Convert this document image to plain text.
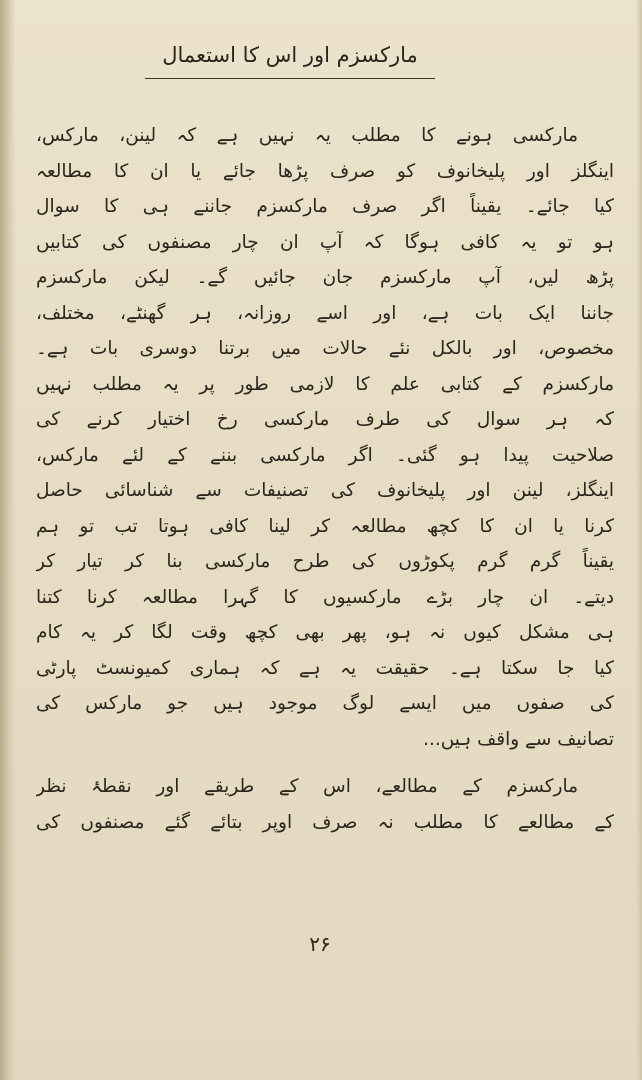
مارکسزم اور اس کا استعمال
مارکسی ہونے کا مطلب یہ نہیں ہے کہ لینن، مارکس،
اینگلز اور پلیخانوف کو صرف پڑھا جائے یا ان کا مطالعہ
کیا جائے۔ یقیناً اگر صرف مارکسزم جاننے ہی کا سوال
ہو تو یہ کافی ہوگا کہ آپ ان چار مصنفوں کی کتابیں
پڑھ لیں، آپ مارکسزم جان جائیں گے۔ لیکن مارکسزم
جاننا ایک بات ہے، اور اسے روزانہ، ہر گھنٹے، مختلف،
مخصوص، اور بالکل نئے حالات میں برتنا دوسری بات ہے۔
مارکسزم کے کتابی علم کا لازمی طور پر یہ مطلب نہیں
کہ ہر سوال کی طرف مارکسی رخ اختیار کرنے کی
صلاحیت پیدا ہو گئی۔ اگر مارکسی بننے کے لئے مارکس،
اینگلز، لینن اور پلیخانوف کی تصنیفات سے شناسائی حاصل
کرنا یا ان کا کچھ مطالعہ کر لینا کافی ہوتا تب تو ہم
یقیناً گرم گرم پکوڑوں کی طرح مارکسی بنا کر تیار کر
دیتے۔ ان چار بڑے مارکسیوں کا گہرا مطالعہ کرنا کتنا
ہی مشکل کیوں نہ ہو، پھر بھی کچھ وقت لگا کر یہ کام
کیا جا سکتا ہے۔ حقیقت یہ ہے کہ ہماری کمیونسٹ پارٹی
کی صفوں میں ایسے لوگ موجود ہیں جو مارکس کی
تصانیف سے واقف ہیں...
مارکسزم کے مطالعے، اس کے طریقے اور نقطۂ نظر
کے مطالعے کا مطلب نہ صرف اوپر بتائے گئے مصنفوں کی
۲۶
